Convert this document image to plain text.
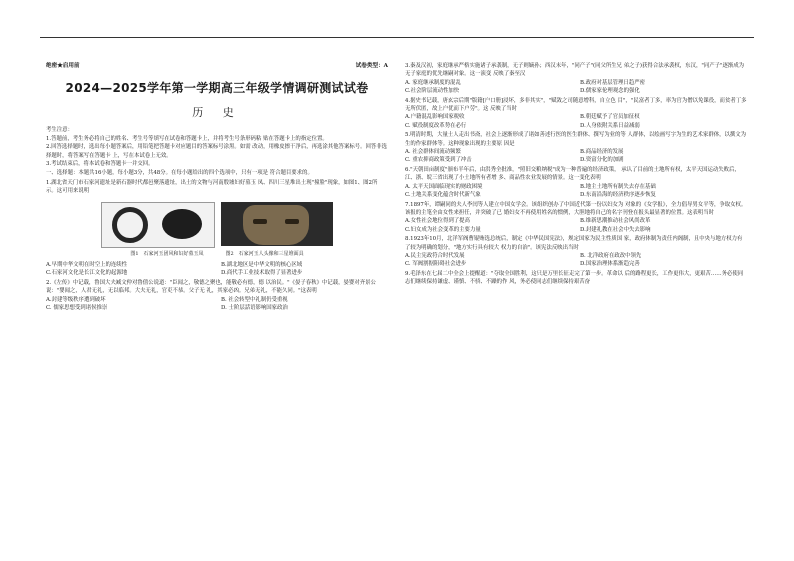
绝密★启用前	试卷类型：A
2024—2025学年第一学期高三年级学情调研测试试卷
历 史

考生注意：

1.答题前，考生务必将自己的姓名、考生号等填写在试卷和答题卡上，并将考生号条形码粘 贴在答题卡上的指定位置。

2.回答选择题时，选出每小题答案后，用铅笔把答题卡对应题目的答案标号涂黑。如需 改动，用橡皮擦干净后，再选涂其他答案标号。回答非选择题时，将答案写在答题卡 上，写在本试卷上无效。

3.考试结束后，将本试卷和答题卡一并交回。

一、选择题：本题共16小题，每小题3分，共48分。在每小题给出的四个选项中，只有一项是 符合题目要求的。

1.湖北省天门市石家河遗址是新石器时代都邑聚落遗址，出土的文物与河南殷墟妇好墓玉 凤、四川三星堆出土现"撞脸"现象，如图1、图2所示。这可用来说明

图1　石家河玉团风和妇好墓玉凤	图2　石家河玉人头像和三星堆面具
A.早期中华文明在时空上的连续性	B.湖北地区是中华文明的核心区域
C.石家河文化是长江文化的起源地	D.商代手工业技术取得了显著进步

2.《左传》中记载，鲁国大夫臧文仲对鲁僖公说道："臣闻之，敬德之聚也，能敬必有德，德 以治民。"《晏子春秋》中记载，晏婴对齐景公说："婴闻之，人君无礼，无以临邦。大夫无礼，官吏不恭。父子无 礼，其家必凶。兄弟无礼，不能久同。"这表明

A.封建等级秩序遭到破坏	B. 社会转型中礼制仍受重视
C. 儒家思想受到诸侯推崇	D. 士阶层話语影响国家政治

3.秦及汉初，家庭继承严格实施诸子承袭制，无子则嫡孙；西汉末年，"同产子"(同父所生兄 弟之子)获得合法承袭权，东汉，"同产子"逐渐成为无子家庭的优先继嗣对象。这一演变 反映了秦至汉

A. 家庭继承制度的混乱	B.政府对基层管理日趋严密
C.社会阶层流动性加快	D.儒家家伦理观念的强化

4.据史书记载，唐玄宗后期"版籍[户口册]浸坏，多非其实"，"赋敛之司随意增科，自立色 目"，"民富者丁多，率为官为僧以免课役，而贫者丁多无所伏匿，故上户优而下户劳"。这 反映了当时

A.户籍混乱影响国家税收	B.朝廷赋予了官员加征权
C. 赋役制度改革势在必行	D.人身依附关系日益减弱

5.明清时期，大量士人走出书斋，社会上逐渐形成了诸如善述行医的医生群体、撰写为业的等 人群体，以绘画写字为生的艺术家群体，以撰文为生的作家群体等。这种现象出现的主要原 因是

A. 社会群体间流动频繁	B.商品经济的发展
C. 重农抑商政策受到了冲击	D.资富分化的加剧

6."天朝田亩制度"颁布半年后，由洪秀全批准，"照旧交粮纳税"成为一种普遍的经济政策， 承认了目前的土地所有权，太平天国运动失败后，江、浙、皖三省出现了小土地所有者增 多、商品性农业发展的情景。这一变化表明

A. 太平天国面临现实的财政困境	B.地主土地所有制失去存在基础
C.土地关系变化蕴含时代新气象	D.东南沿海的经济秩序逐步恢复

7.1897年，谭嗣同的夫人李闰等人建立中国女学会。该组织创办了中国近代第一份以妇女为 对象的《女学报》，全力倡导男女平等，争取女权。该报的主笔全由女性来担任，并突破了已 婚妇女不再使用姓名的惯例，大胆地将自己的名字刊登在报头最显著的位置。这表明当时

A.女性社会地位得到了提高	B.维新思潮推动社会风尚改革
C.妇女成为社会变革的主要力量	D.封建礼教在社会中失去影响

8.1923年10月，北洋军阀曹锟贿选总统后，制定《中华民国宪法》，规定国家为民主性质国 家，政府体制为责任内阁制，且中央与地方权力有了较为明确的划分，"地方实行具有较大 权力的自治"。该宪法反映出当时

A.民主宪政符合时代发展	B. 北洋政府在政改中领先
C. 军阀割据阻碍社会进步	D.国家治理体系渐趋完善

9.毛泽东在七届二中全会上提醒道："夺取全国胜利，这只是万里长征走完了第一步。革命以 后的路程更长，工作更伟大，更艰苦……务必使同志们继续保持谦虚、谨慎、不骄、不躁的作 风，务必使同志们继续保持艰苦奋
